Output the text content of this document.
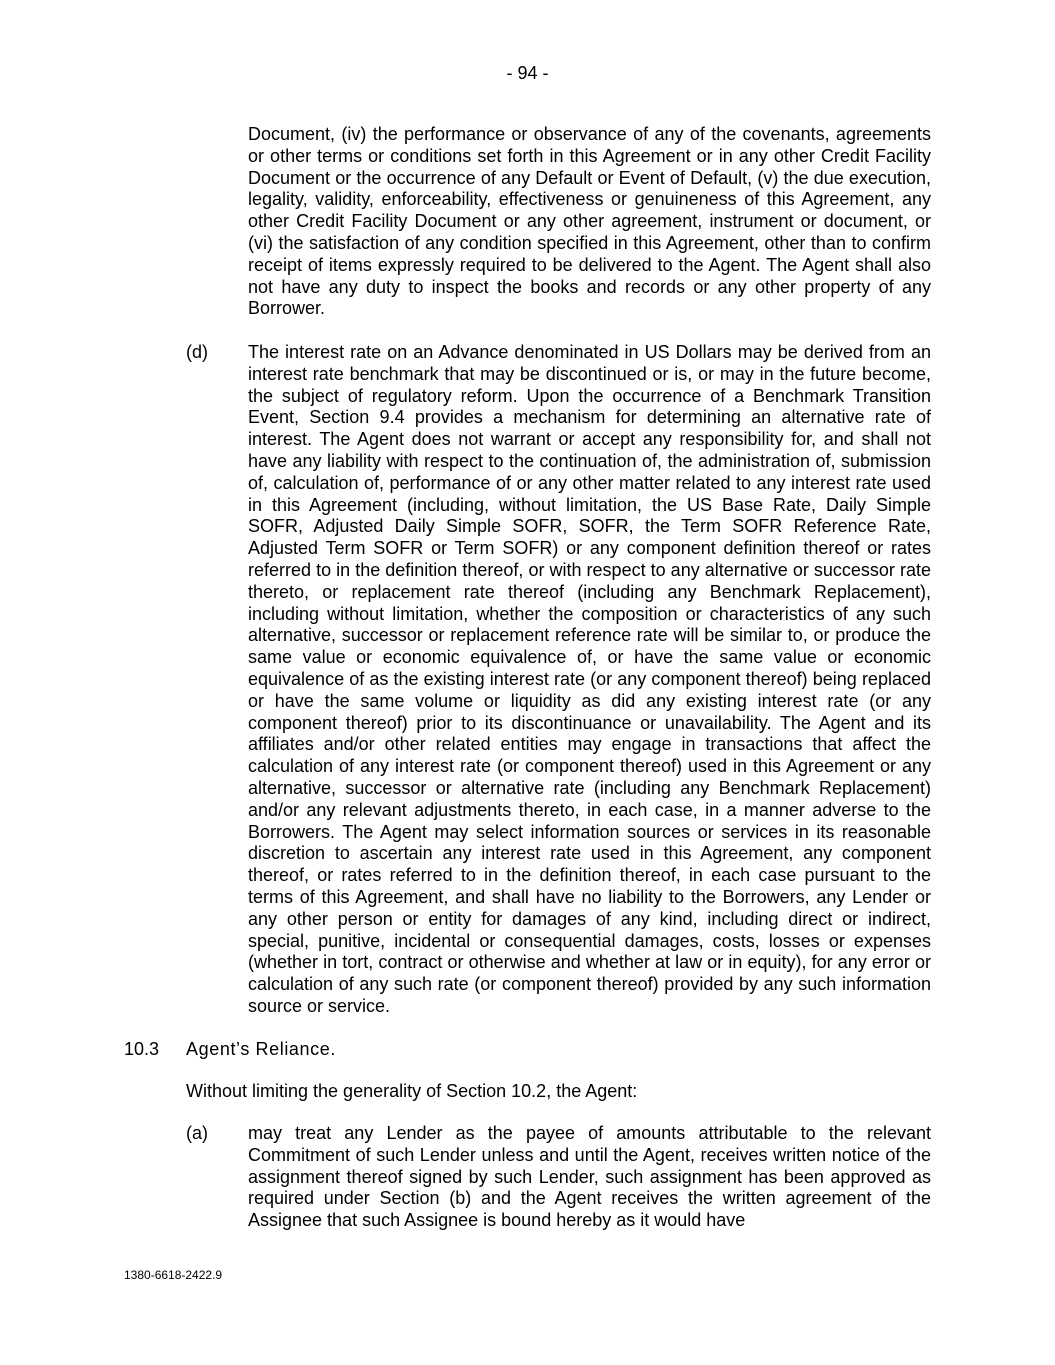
- 94 -

Document, (iv) the performance or observance of any of the covenants, agreements or other terms or conditions set forth in this Agreement or in any other Credit Facility Document or the occurrence of any Default or Event of Default, (v) the due execution, legality, validity, enforceability, effectiveness or genuineness of this Agreement, any other Credit Facility Document or any other agreement, instrument or document, or (vi) the satisfaction of any condition specified in this Agreement, other than to confirm receipt of items expressly required to be delivered to the Agent. The Agent shall also not have any duty to inspect the books and records or any other property of any Borrower.

(d) The interest rate on an Advance denominated in US Dollars may be derived from an interest rate benchmark that may be discontinued or is, or may in the future become, the subject of regulatory reform. Upon the occurrence of a Benchmark Transition Event, Section 9.4 provides a mechanism for determining an alternative rate of interest. The Agent does not warrant or accept any responsibility for, and shall not have any liability with respect to the continuation of, the administration of, submission of, calculation of, performance of or any other matter related to any interest rate used in this Agreement (including, without limitation, the US Base Rate, Daily Simple SOFR, Adjusted Daily Simple SOFR, SOFR, the Term SOFR Reference Rate, Adjusted Term SOFR or Term SOFR) or any component definition thereof or rates referred to in the definition thereof, or with respect to any alternative or successor rate thereto, or replacement rate thereof (including any Benchmark Replacement), including without limitation, whether the composition or characteristics of any such alternative, successor or replacement reference rate will be similar to, or produce the same value or economic equivalence of, or have the same value or economic equivalence of as the existing interest rate (or any component thereof) being replaced or have the same volume or liquidity as did any existing interest rate (or any component thereof) prior to its discontinuance or unavailability. The Agent and its affiliates and/or other related entities may engage in transactions that affect the calculation of any interest rate (or component thereof) used in this Agreement or any alternative, successor or alternative rate (including any Benchmark Replacement) and/or any relevant adjustments thereto, in each case, in a manner adverse to the Borrowers. The Agent may select information sources or services in its reasonable discretion to ascertain any interest rate used in this Agreement, any component thereof, or rates referred to in the definition thereof, in each case pursuant to the terms of this Agreement, and shall have no liability to the Borrowers, any Lender or any other person or entity for damages of any kind, including direct or indirect, special, punitive, incidental or consequential damages, costs, losses or expenses (whether in tort, contract or otherwise and whether at law or in equity), for any error or calculation of any such rate (or component thereof) provided by any such information source or service.

10.3 Agent’s Reliance.
Without limiting the generality of Section 10.2, the Agent:
(a) may treat any Lender as the payee of amounts attributable to the relevant Commitment of such Lender unless and until the Agent, receives written notice of the assignment thereof signed by such Lender, such assignment has been approved as required under Section (b) and the Agent receives the written agreement of the Assignee that such Assignee is bound hereby as it would have

1380-6618-2422.9
